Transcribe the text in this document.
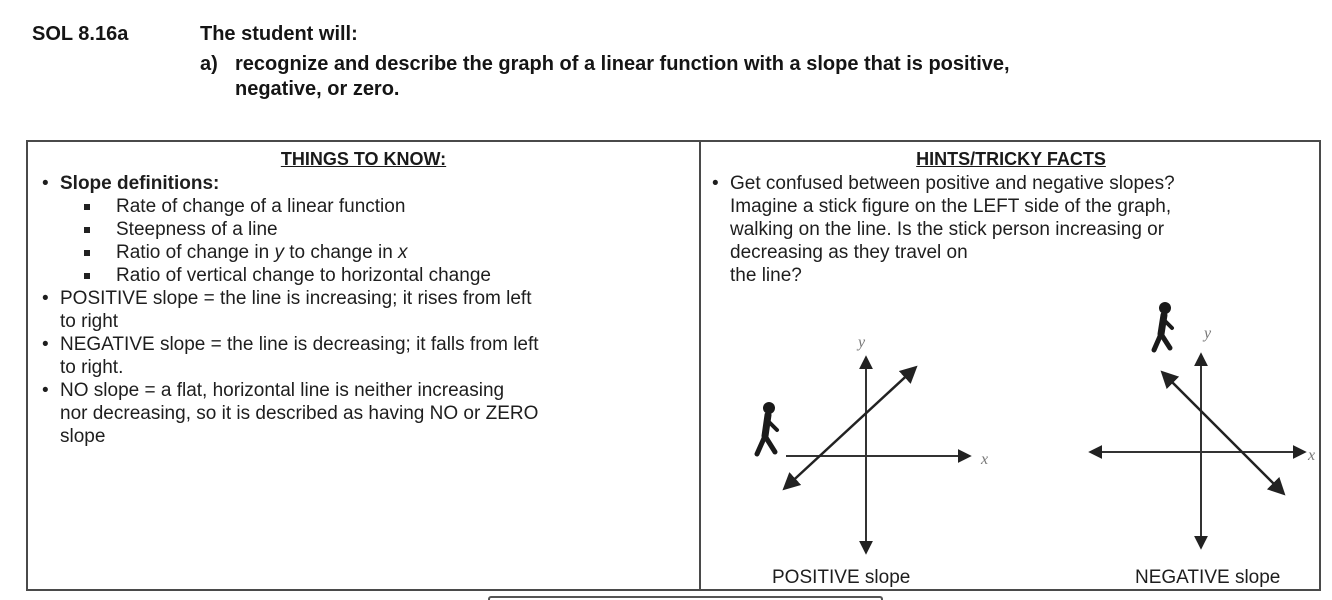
SOL 8.16a	The student will:
a) recognize and describe the graph of a linear function with a slope that is positive,
negative, or zero.
THINGS TO KNOW:	HINTS/TRICKY FACTS
• Slope definitions:
Rate of change of a linear function
Steepness of a line
Ratio of change in y to change in x
Ratio of vertical change to horizontal change
• POSITIVE slope = the line is increasing; it rises from left
to right
• NEGATIVE slope = the line is decreasing; it falls from left
to right.
• NO slope = a flat, horizontal line is neither increasing
nor decreasing, so it is described as having NO or ZERO
slope
• Get confused between positive and negative slopes?
Imagine a stick figure on the LEFT side of the graph,
walking on the line. Is the stick person increasing or
decreasing as they travel on
the line?
x
y
x
y
POSITIVE slope	NEGATIVE slope
